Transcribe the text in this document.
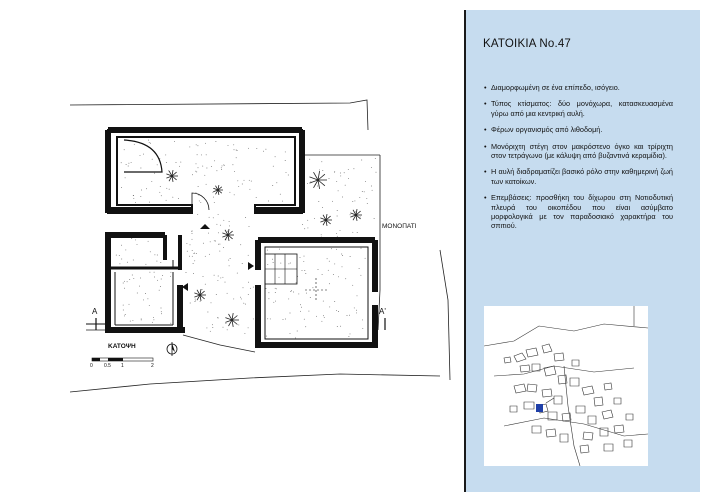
ΜΟΝΟΠΑΤΙ
A	A'
ΚΑΤΟΨΗ
0 0.5 1	2
ΚΑΤΟΙΚΙΑ No.47
• Διαμορφωμένη σε ένα επίπεδο, ισόγειο.
• Τύπος κτίσματος: δύο μονόχωρα, κατασκευασμένα γύρω από μια κεντρική αυλή.
• Φέρων οργανισμός από λιθοδομή.
• Μονόριχτη στέγη στον μακρόστενο όγκο και τρίριχτη στον τετράγωνο (με κάλυψη από βυζαντινά κεραμίδια).
• Η αυλή διαδραματίζει βασικό ρόλο στην καθημερινή ζωή των κατοίκων.
• Επεμβάσεις: προσθήκη του δίχωρου στη Νοτιοδυτική πλευρά του οικοπέδου που είναι ασύμβατο μορφολογικά με τον παραδοσιακό χαρακτήρα του σπιτιού.
